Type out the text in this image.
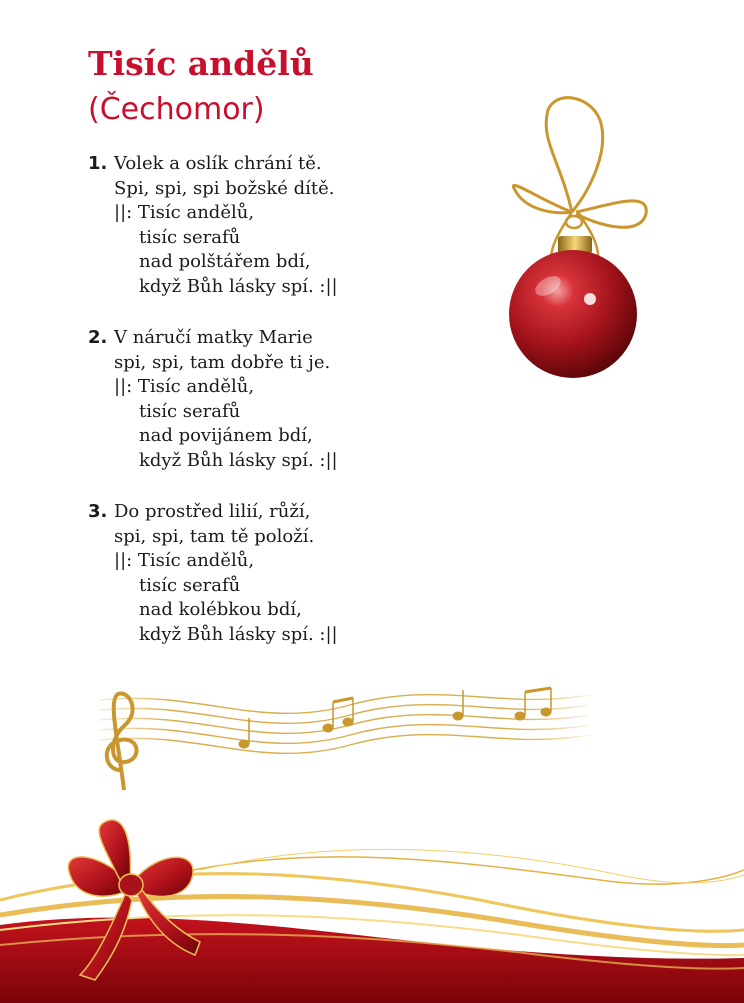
Tisíc andělů
(Čechomor)
1. Volek a oslík chrání tě.
Spi, spi, spi božské dítě.
||: Tisíc andělů,
tisíc serafů
nad polštářem bdí,
když Bůh lásky spí. :||
2. V náručí matky Marie
spi, spi, tam dobře ti je.
||: Tisíc andělů,
tisíc serafů
nad povijánem bdí,
když Bůh lásky spí. :||
3. Do prostřed lilií, růží,
spi, spi, tam tě položí.
||: Tisíc andělů,
tisíc serafů
nad kolébkou bdí,
když Bůh lásky spí. :||
